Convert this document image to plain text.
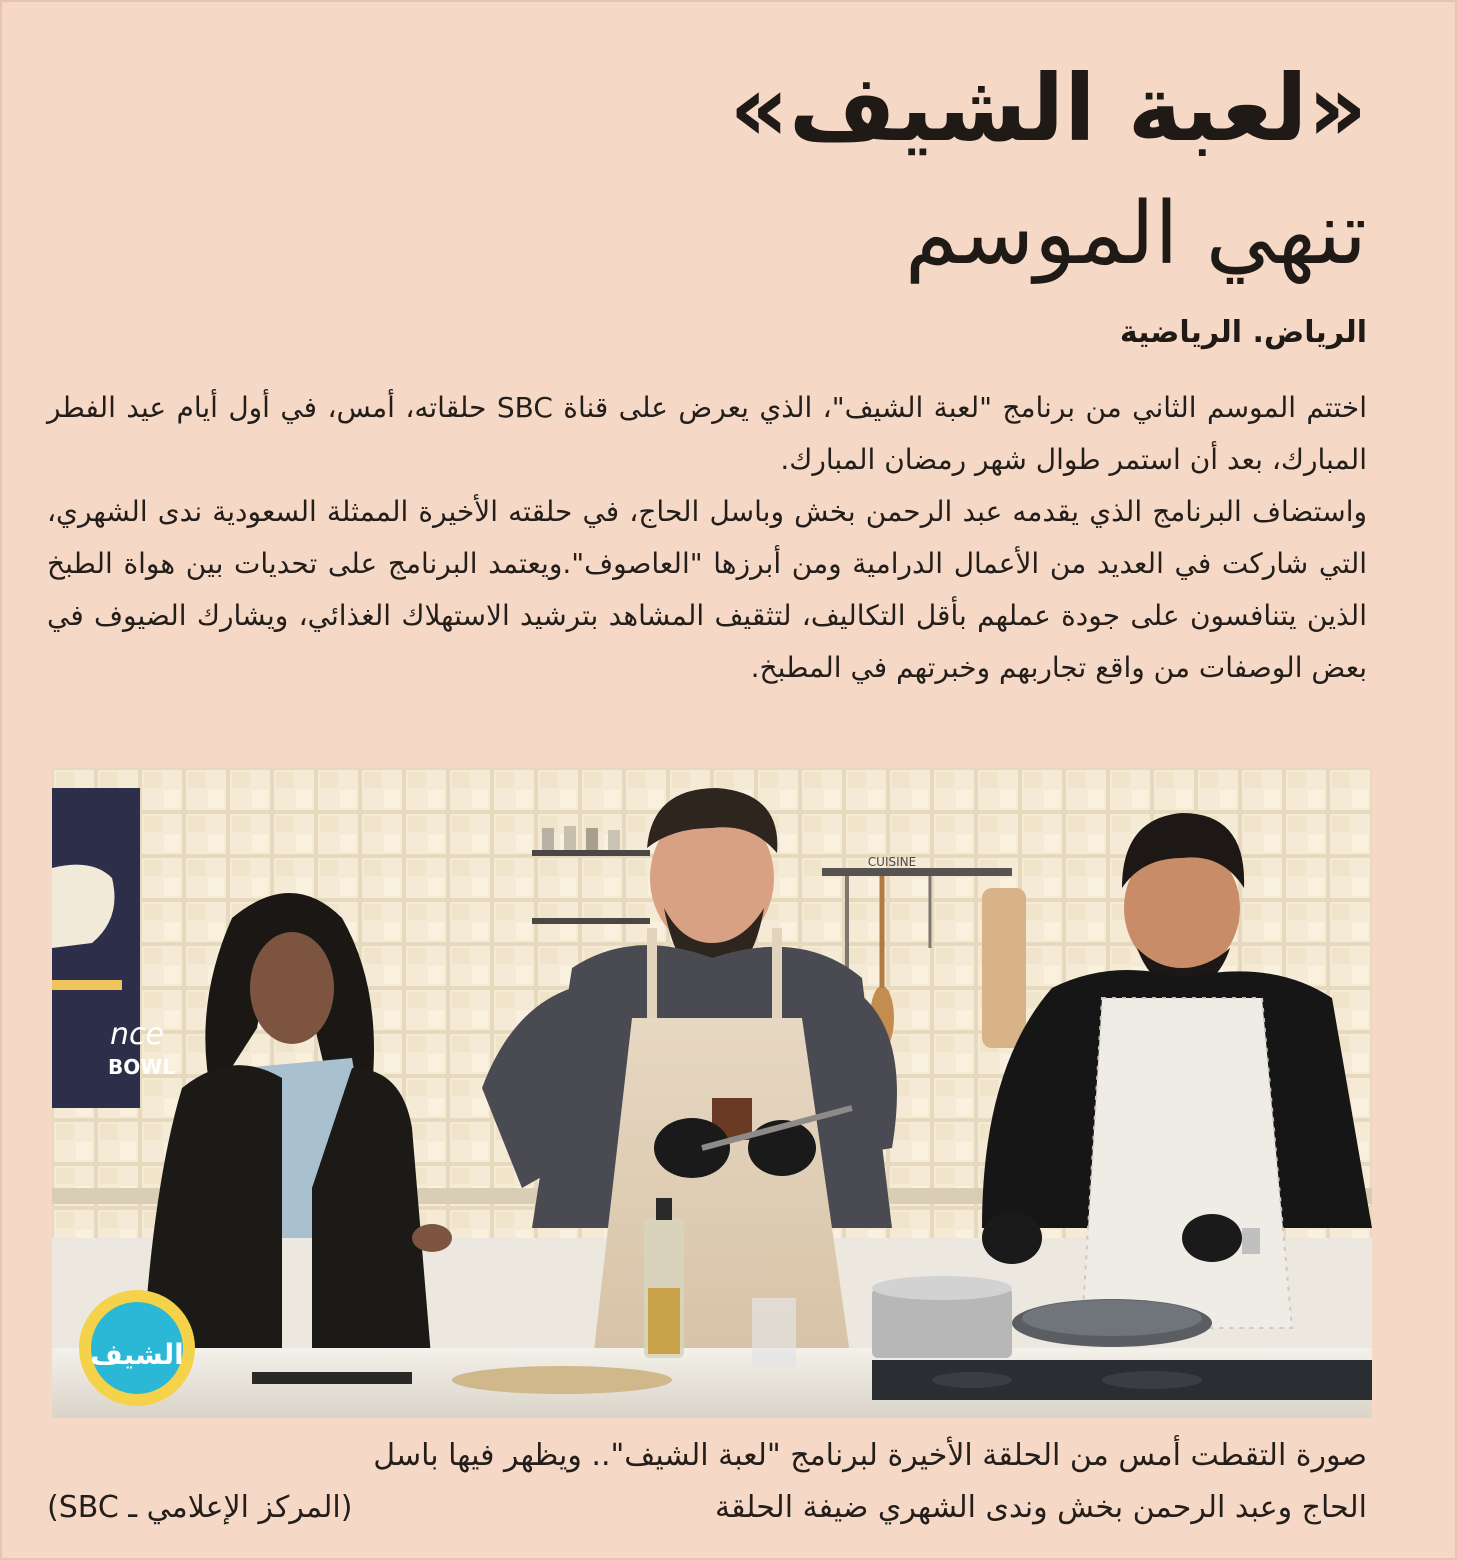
«لعبة الشيف»
تنهي الموسم
الرياض. الرياضية

اختتم الموسم الثاني من برنامج "لعبة الشيف"، الذي يعرض على قناة SBC حلقاته، أمس، في أول أيام عيد الفطر المبارك، بعد أن استمر طوال شهر رمضان المبارك.

واستضاف البرنامج الذي يقدمه عبد الرحمن بخش وباسل الحاج، في حلقته الأخيرة الممثلة السعودية ندى الشهري، التي شاركت في العديد من الأعمال الدرامية ومن أبرزها "العاصوف".ويعتمد البرنامج على تحديات بين هواة الطبخ الذين يتنافسون على جودة عملهم بأقل التكاليف، لتثقيف المشاهد بترشيد الاستهلاك الغذائي، ويشارك الضيوف في بعض الوصفات من واقع تجاربهم وخبرتهم في المطبخ.

nce
BOWL
CUISINE
الشيف
صورة التقطت أمس من الحلقة الأخيرة لبرنامج "لعبة الشيف".. ويظهر فيها باسل
الحاج وعبد الرحمن بخش وندى الشهري ضيفة الحلقة
(المركز الإعلامي ـ SBC)
